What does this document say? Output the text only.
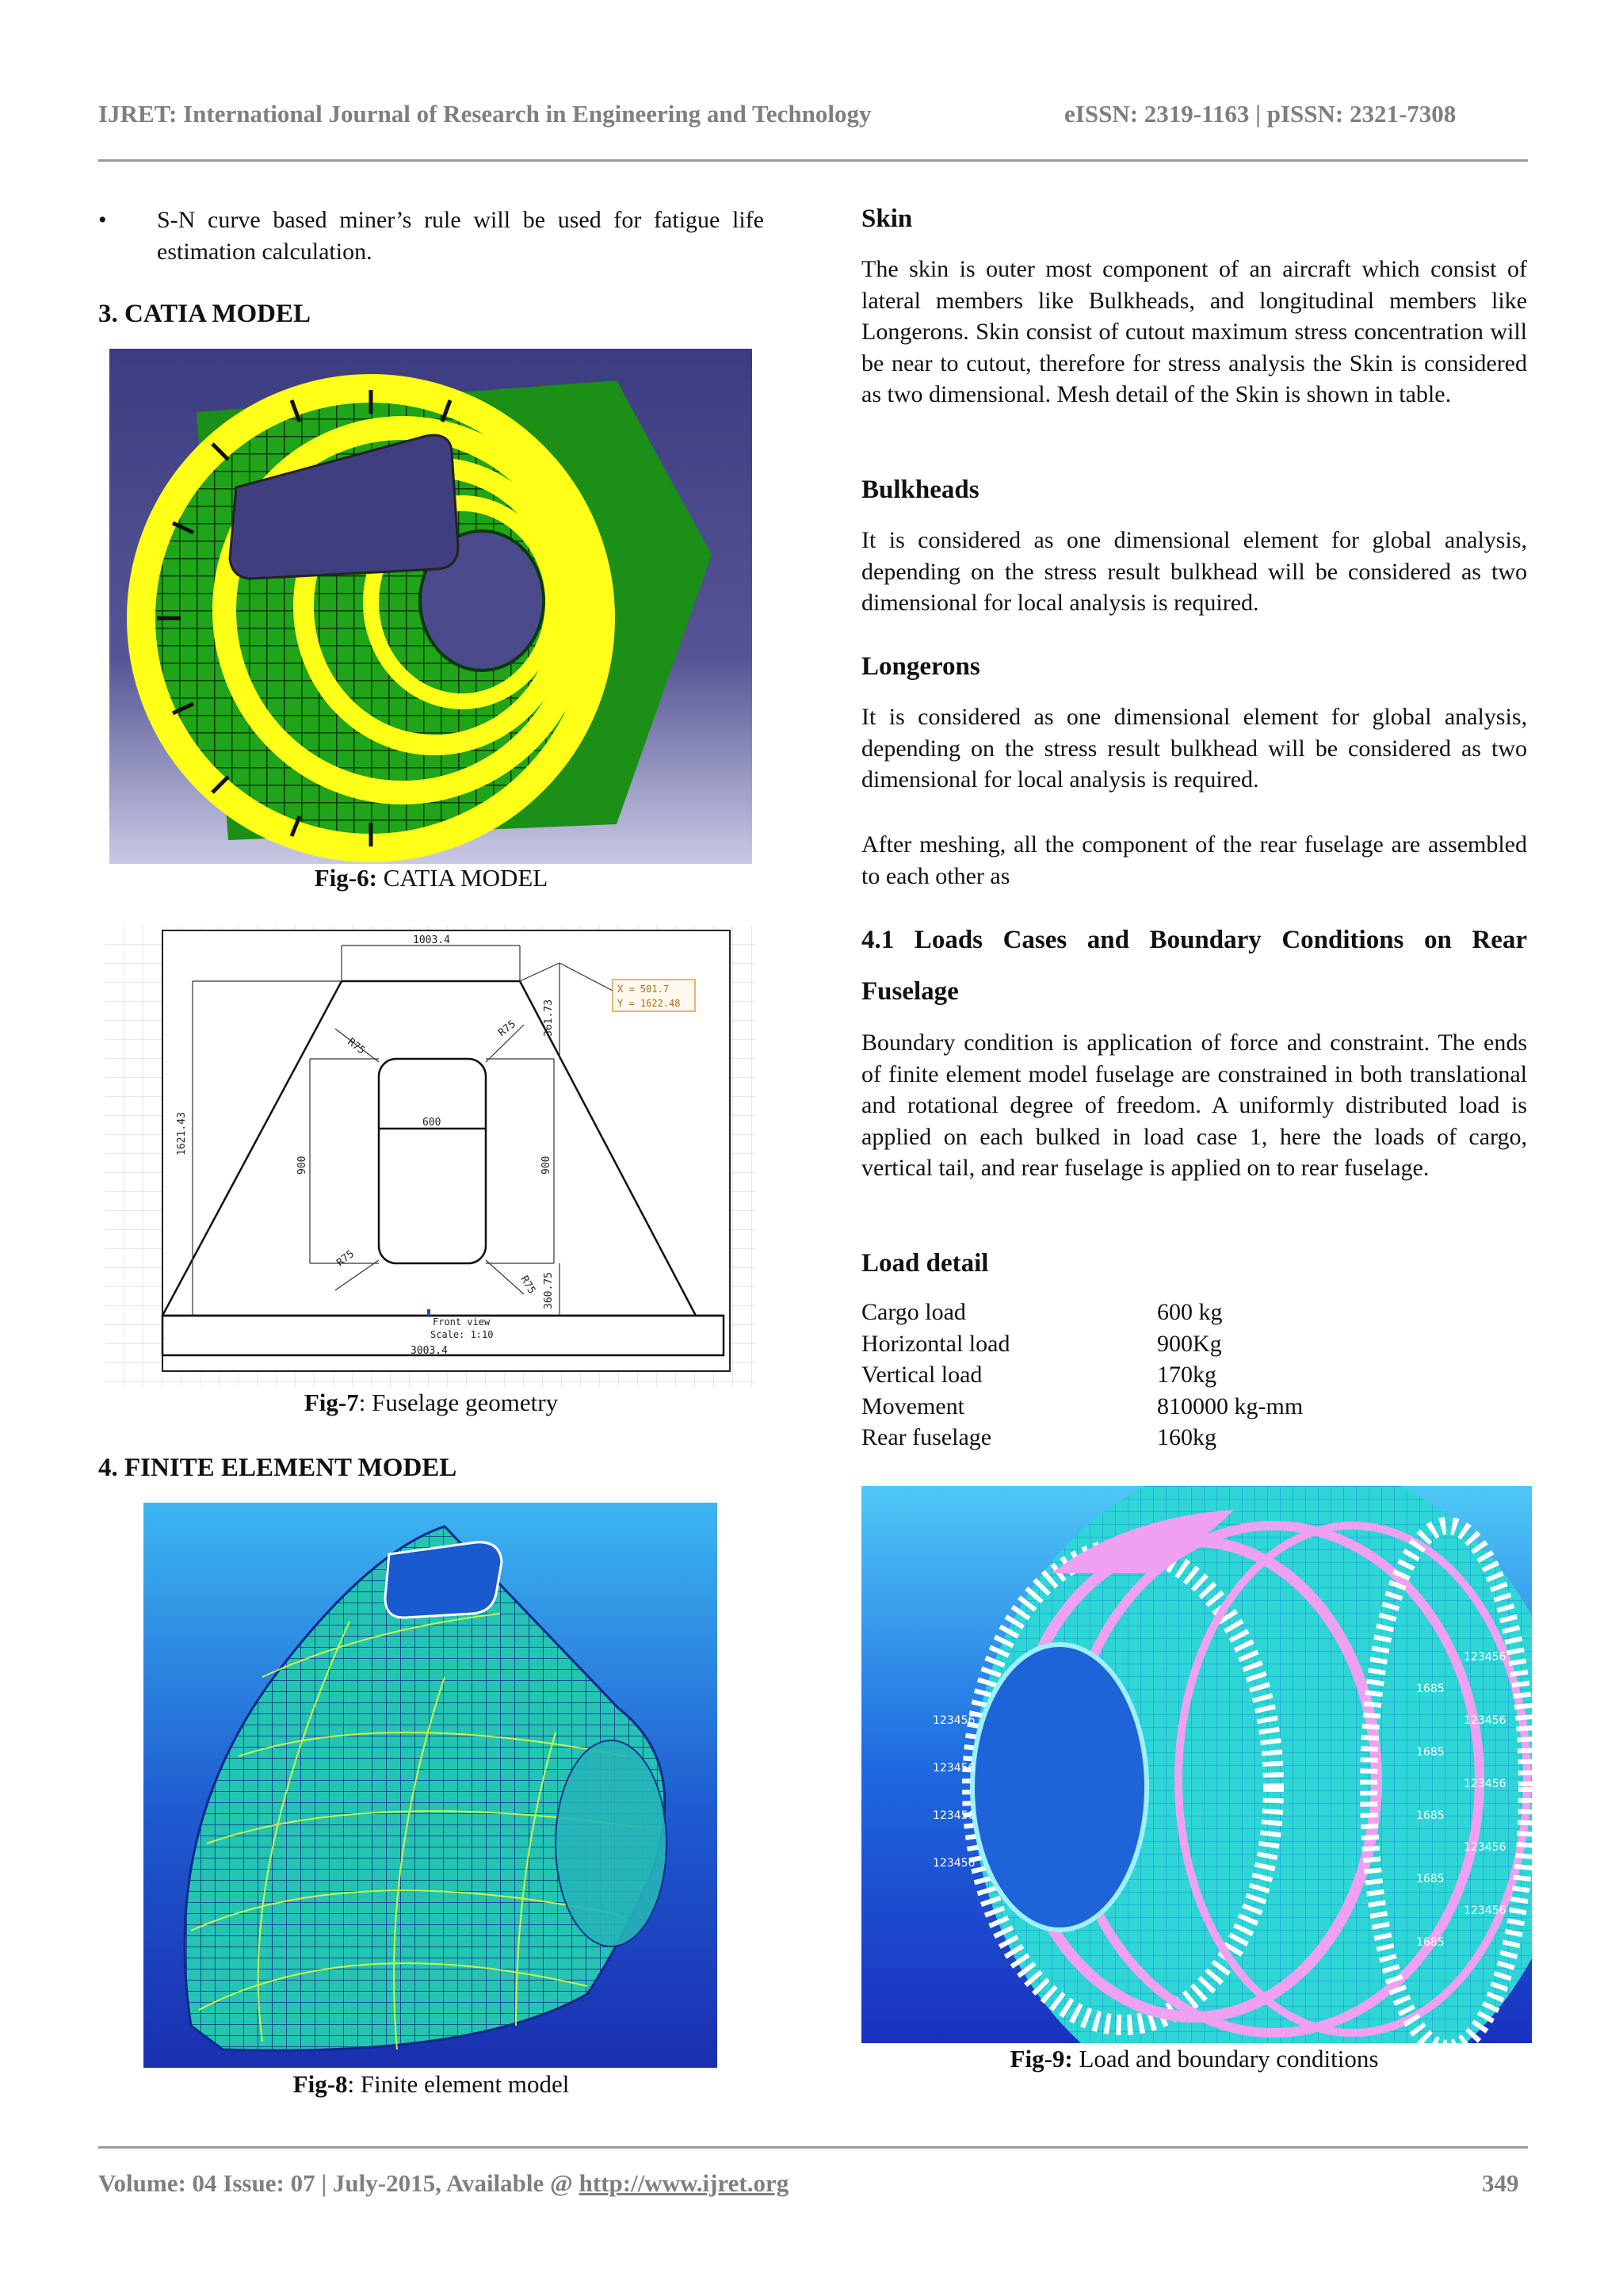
IJRET: International Journal of Research in Engineering and Technology	eISSN: 2319-1163 | pISSN: 2321-7308
• S-N curve based miner’s rule will be used for fatigue life estimation calculation.
3. CATIA MODEL
Fig-6: CATIA MODEL
1003.4
1621.43
3003.4
R75
R75
R75
R75
361.73
360.75
600
900	900
Front view
Scale: 1:10
X = 501.7
Y = 1622.48
Fig-7: Fuselage geometry
4. FINITE ELEMENT MODEL
Fig-8: Finite element model
Skin
The skin is outer most component of an aircraft which consist of lateral members like Bulkheads, and longitudinal members like Longerons. Skin consist of cutout maximum stress concentration will be near to cutout, therefore for stress analysis the Skin is considered as two dimensional. Mesh detail of the Skin is shown in table.
Bulkheads
It is considered as one dimensional element for global analysis, depending on the stress result bulkhead will be considered as two dimensional for local analysis is required.
Longerons
It is considered as one dimensional element for global analysis, depending on the stress result bulkhead will be considered as two dimensional for local analysis is required.
After meshing, all the component of the rear fuselage are assembled to each other as
4.1 Loads Cases and Boundary Conditions on Rear
Fuselage
Boundary condition is application of force and constraint. The ends of finite element model fuselage are constrained in both translational and rotational degree of freedom. A uniformly distributed load is applied on each bulked in load case 1, here the loads of cargo, vertical tail, and rear fuselage is applied on to rear fuselage.
Load detail
Cargo load	600 kg
Horizontal load	900Kg
Vertical load	170kg
Movement	810000 kg-mm
Rear fuselage	160kg
123456
123456
123456
123456
123456
123456
123456
123456
123456
1685
1685
1685
1685
1685
Fig-9: Load and boundary conditions
Volume: 04 Issue: 07 | July-2015, Available @ http://www.ijret.org	349
